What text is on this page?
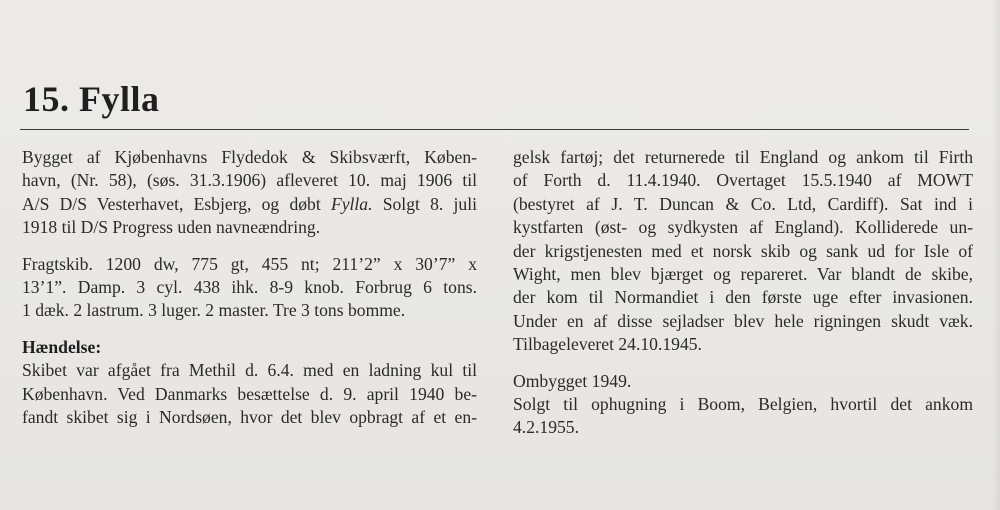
15. Fylla
Bygget af Kjøbenhavns Flydedok & Skibsværft, Køben-
havn, (Nr. 58), (søs. 31.3.1906) afleveret 10. maj 1906 til
A/S D/S Vesterhavet, Esbjerg, og døbt Fylla. Solgt 8. juli
1918 til D/S Progress uden navneændring.
Fragtskib. 1200 dw, 775 gt, 455 nt; 211’2” x 30’7” x
13’1”. Damp. 3 cyl. 438 ihk. 8-9 knob. Forbrug 6 tons.
1 dæk. 2 lastrum. 3 luger. 2 master. Tre 3 tons bomme.
Hændelse:
Skibet var afgået fra Methil d. 6.4. med en ladning kul til
København. Ved Danmarks besættelse d. 9. april 1940 be-
fandt skibet sig i Nordsøen, hvor det blev opbragt af et en-
gelsk fartøj; det returnerede til England og ankom til Firth
of Forth d. 11.4.1940. Overtaget 15.5.1940 af MOWT
(bestyret af J. T. Duncan & Co. Ltd, Cardiff). Sat ind i
kystfarten (øst- og sydkysten af England). Kolliderede un-
der krigstjenesten med et norsk skib og sank ud for Isle of
Wight, men blev bjærget og repareret. Var blandt de skibe,
der kom til Normandiet i den første uge efter invasionen.
Under en af disse sejladser blev hele rigningen skudt væk.
Tilbageleveret 24.10.1945.
Ombygget 1949.
Solgt til ophugning i Boom, Belgien, hvortil det ankom
4.2.1955.
